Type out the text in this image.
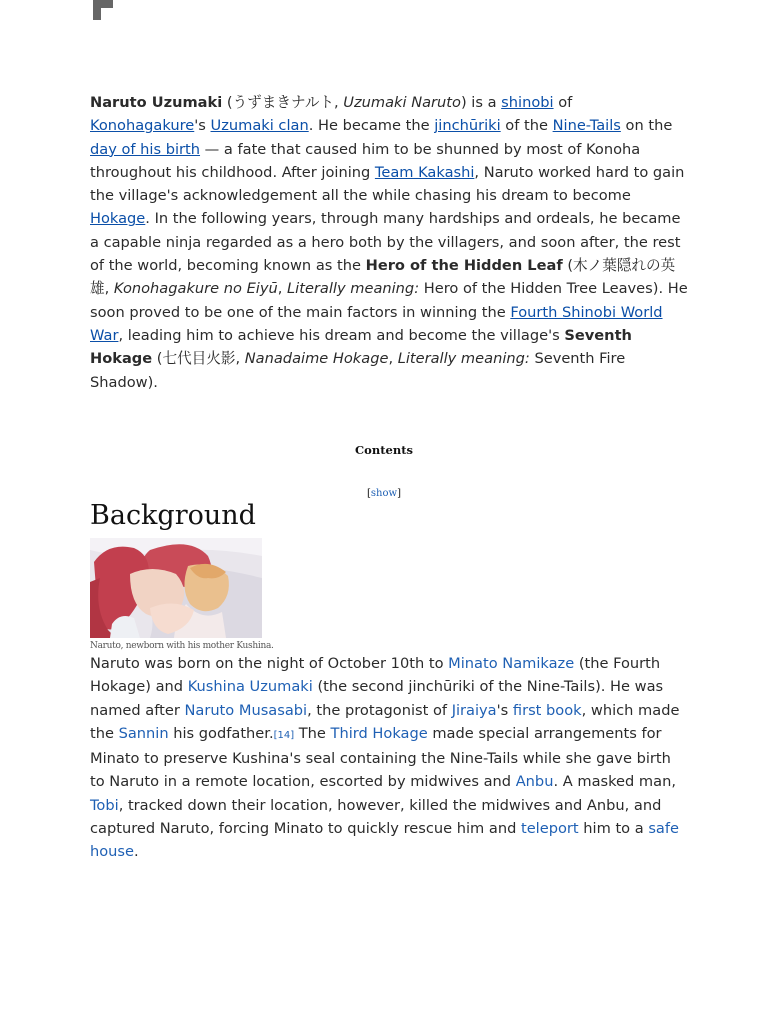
Naruto Uzumaki (うずまきナルト, Uzumaki Naruto) is a shinobi of Konohagakure's Uzumaki clan. He became the jinchūriki of the Nine-Tails on the day of his birth — a fate that caused him to be shunned by most of Konoha throughout his childhood. After joining Team Kakashi, Naruto worked hard to gain the village's acknowledgement all the while chasing his dream to become Hokage. In the following years, through many hardships and ordeals, he became a capable ninja regarded as a hero both by the villagers, and soon after, the rest of the world, becoming known as the Hero of the Hidden Leaf (木ノ葉隠れの英雄, Konohagakure no Eiyū, Literally meaning: Hero of the Hidden Tree Leaves). He soon proved to be one of the main factors in winning the Fourth Shinobi World War, leading him to achieve his dream and become the village's Seventh Hokage (七代目火影, Nanadaime Hokage, Literally meaning: Seventh Fire Shadow).

Contents
[show]
Background
Naruto, newborn with his mother Kushina.

Naruto was born on the night of October 10th to Minato Namikaze (the Fourth Hokage) and Kushina Uzumaki (the second jinchūriki of the Nine-Tails). He was named after Naruto Musasabi, the protagonist of Jiraiya's first book, which made the Sannin his godfather.[14] The Third Hokage made special arrangements for Minato to preserve Kushina's seal containing the Nine-Tails while she gave birth to Naruto in a remote location, escorted by midwives and Anbu. A masked man, Tobi, tracked down their location, however, killed the midwives and Anbu, and captured Naruto, forcing Minato to quickly rescue him and teleport him to a safe house.
